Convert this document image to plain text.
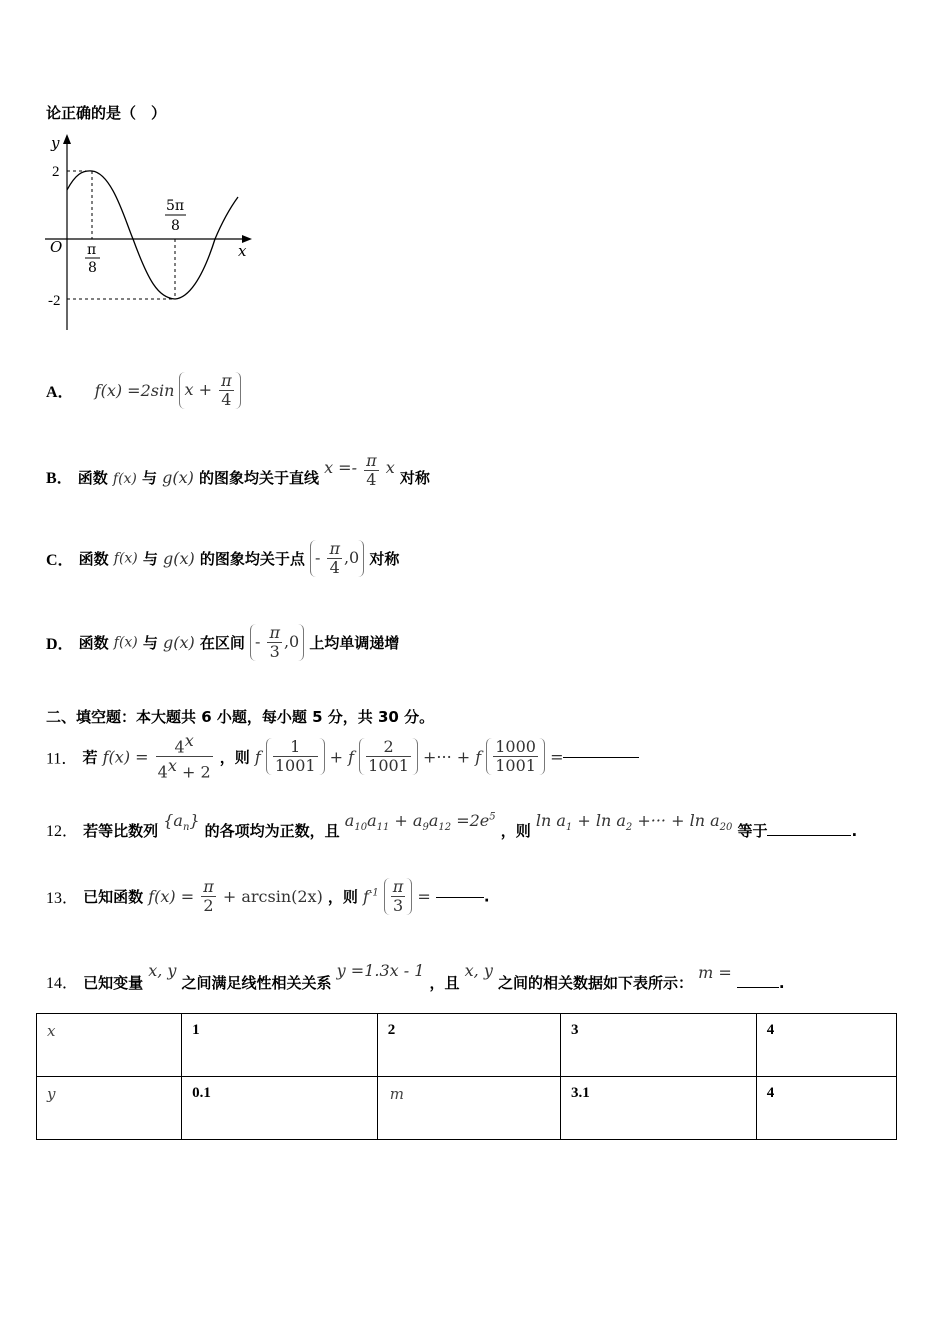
论正确的是（　）
y
x
O
2
-2
π
8
5π
8
A． f(x) =2sin $x + \frac{\pi}{4}$
B． 函数 f(x) 与 g(x) 的图象均关于直线 $x =- \frac{\pi}{4}$ x 对称
C． 函数 f(x) 与 g(x) 的图象均关于点 - $\frac{\pi}{4} ,0$ 对称
D． 函数 f(x) 与 g(x) 在区间 - $\frac{\pi}{3} ,0$ 上均单调递增
二、填空题：本大题共 6 小题，每小题 5 分，共 30 分。
11． 若 $f(x) = \frac{4^x}{4^x + 2}$ ，则 f $\frac{1}{1001} + f \frac{2}{1001}$ +··· + f $\frac{1000}{1001}$ =
12． 若等比数列 $\{a_n\}$ 的各项均为正数，且 $a_{10}a_{11} + a_9a_{12} =2e^5$ ，则 $\ln a_1 + \ln a_2$ +··· + $\ln a_{20}$ 等于	.
13． 已知函数 $f(x) = \frac{\pi}{2} + \arcsin(2x)$ ，则 $f^{-1} \frac{\pi}{3}$ =	.
14． 已知变量 x, y 之间满足线性相关关系 y =1.3x - 1 ，且 x, y 之间的相关数据如下表所示： m = .
x	1	2	3	4
y	0.1	m	3.1	4
